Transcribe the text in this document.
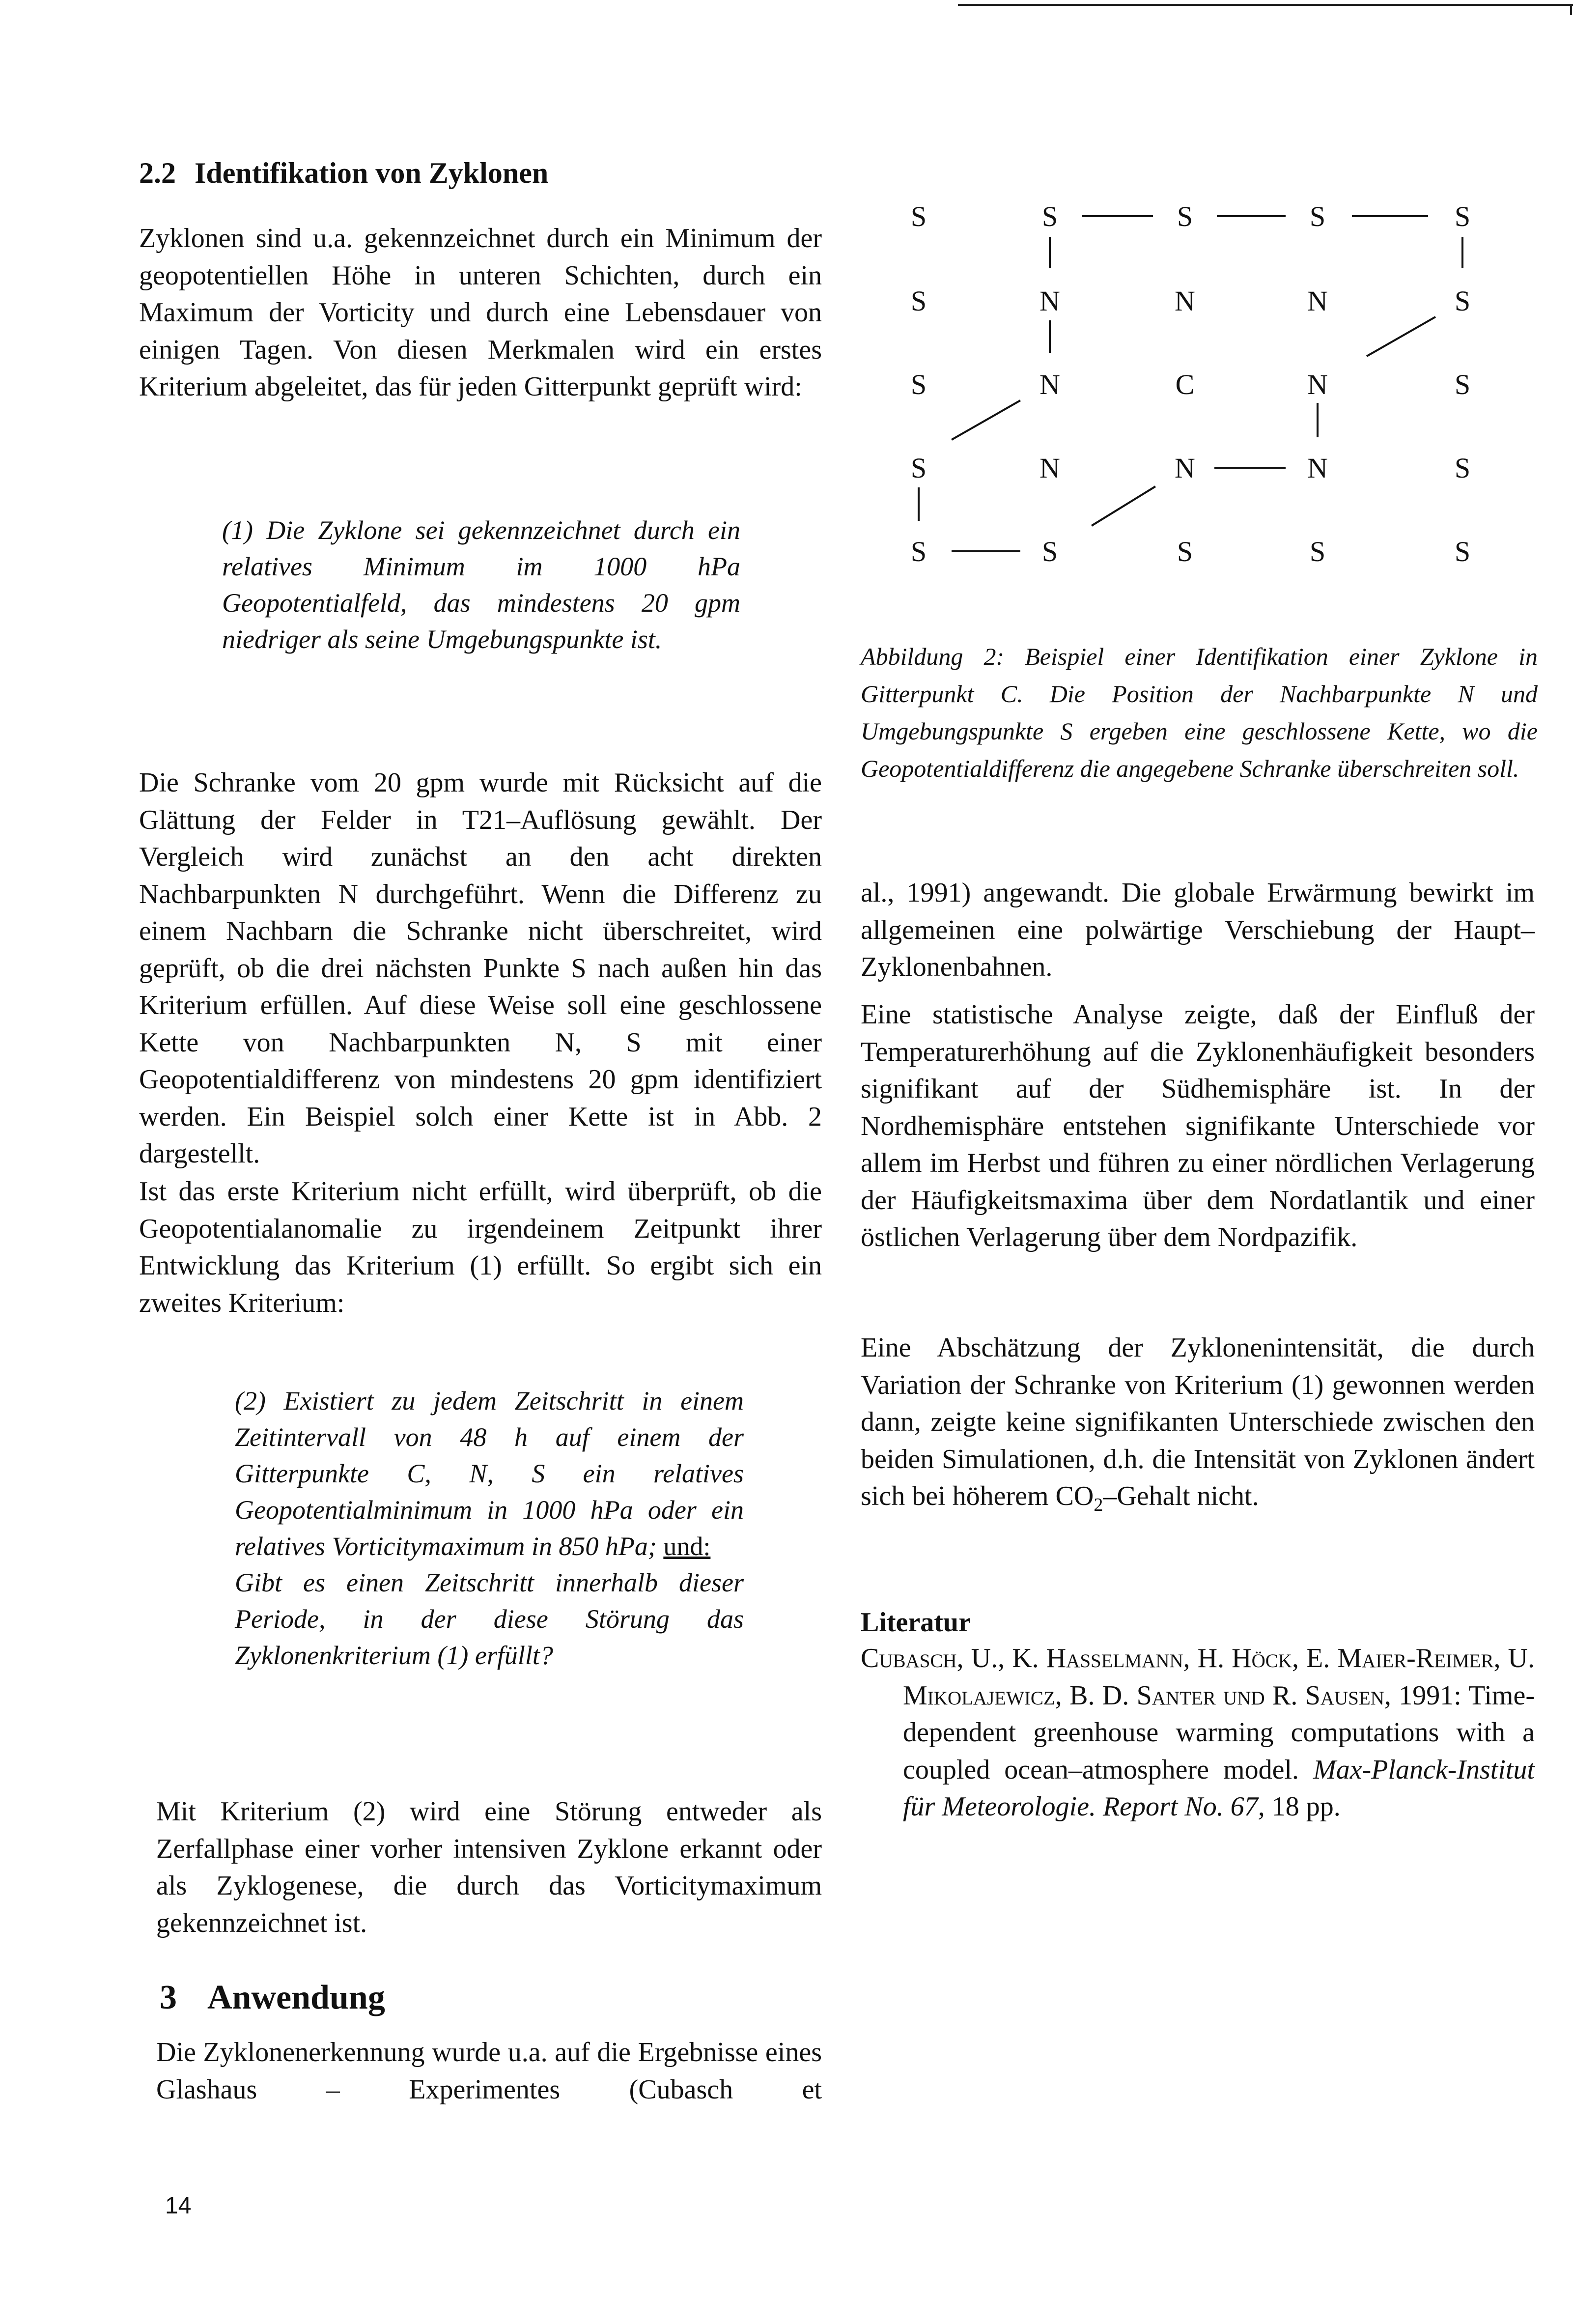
2.2 Identifikation von Zyklonen

Zyklonen sind u.a. gekennzeichnet durch ein Minimum der geopotentiellen Höhe in unteren Schichten, durch ein Maximum der Vorticity und durch eine Lebensdauer von einigen Tagen. Von diesen Merkmalen wird ein erstes Kriterium abgeleitet, das für jeden Gitterpunkt geprüft wird:

(1) Die Zyklone sei gekennzeichnet durch ein relatives Minimum im 1000 hPa Geopotentialfeld, das mindestens 20 gpm niedriger als seine Umgebungspunkte ist.

Die Schranke vom 20 gpm wurde mit Rücksicht auf die Glättung der Felder in T21–Auflösung gewählt. Der Vergleich wird zunächst an den acht direkten Nachbarpunkten N durchgeführt. Wenn die Differenz zu einem Nachbarn die Schranke nicht überschreitet, wird geprüft, ob die drei nächsten Punkte S nach außen hin das Kriterium erfüllen. Auf diese Weise soll eine geschlossene Kette von Nachbarpunkten N, S mit einer Geopotentialdifferenz von mindestens 20 gpm identifiziert werden. Ein Beispiel solch einer Kette ist in Abb. 2 dargestellt.

Ist das erste Kriterium nicht erfüllt, wird überprüft, ob die Geopotentialanomalie zu irgendeinem Zeitpunkt ihrer Entwicklung das Kriterium (1) erfüllt. So ergibt sich ein zweites Kriterium:

(2) Existiert zu jedem Zeitschritt in einem Zeitintervall von 48 h auf einem der Gitterpunkte C, N, S ein relatives Geopotentialminimum in 1000 hPa oder ein relatives Vorticitymaximum in 850 hPa; und:
Gibt es einen Zeitschritt innerhalb dieser Periode, in der diese Störung das Zyklonenkriterium (1) erfüllt?

Mit Kriterium (2) wird eine Störung entweder als Zerfallphase einer vorher intensiven Zyklone erkannt oder als Zyklogenese, die durch das Vorticitymaximum gekennzeichnet ist.

3 Anwendung

Die Zyklonenerkennung wurde u.a. auf die Ergebnisse eines Glashaus – Experimentes (Cubasch et

S	S	S	S	S
S	N	N	N	S
S	N	C	N	S
S	N	N	N	S
S	S	S	S	S
Abbildung 2: Beispiel einer Identifikation einer Zyklone in Gitterpunkt C. Die Position der Nachbarpunkte N und Umgebungspunkte S ergeben eine geschlossene Kette, wo die Geopotentialdifferenz die angegebene Schranke überschreiten soll.

al., 1991) angewandt. Die globale Erwärmung bewirkt im allgemeinen eine polwärtige Verschiebung der Haupt–Zyklonenbahnen.

Eine statistische Analyse zeigte, daß der Einfluß der Temperaturerhöhung auf die Zyklonenhäufigkeit besonders signifikant auf der Südhemisphäre ist. In der Nordhemisphäre entstehen signifikante Unterschiede vor allem im Herbst und führen zu einer nördlichen Verlagerung der Häufigkeitsmaxima über dem Nordatlantik und einer östlichen Verlagerung über dem Nordpazifik.

Eine Abschätzung der Zyklonenintensität, die durch Variation der Schranke von Kriterium (1) gewonnen werden dann, zeigte keine signifikanten Unterschiede zwischen den beiden Simulationen, d.h. die Intensität von Zyklonen ändert sich bei höherem $CO_2$–Gehalt nicht.

Literatur
Cubasch, U., K. Hasselmann, H. Höck, E. Maier-Reimer, U. Mikolajewicz, B. D. Santer und R. Sausen, 1991: Time-dependent greenhouse warming computations with a coupled ocean–atmosphere model. Max-Planck-Institut für Meteorologie. Report No. 67, 18 pp.
14
